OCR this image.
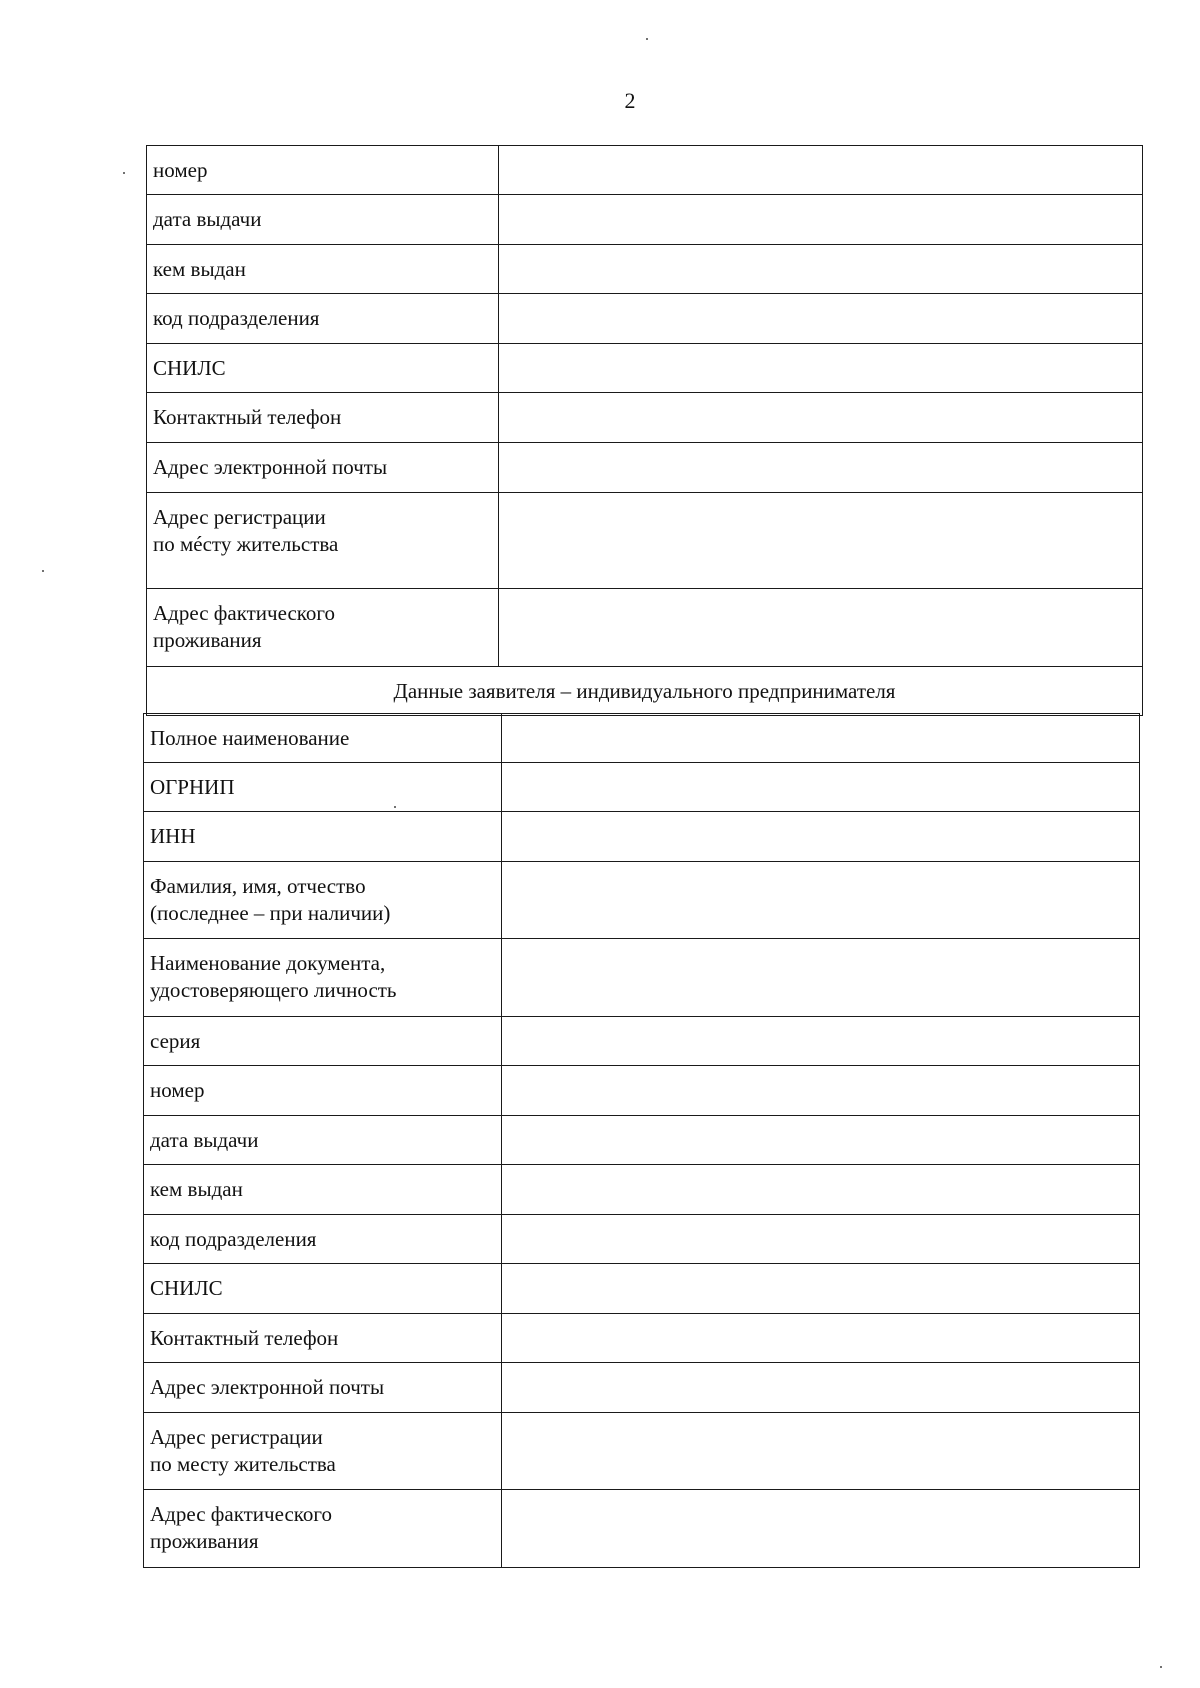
2
номер	

дата выдачи	

кем выдан	

код подразделения	

СНИЛС	

Контактный телефон	

Адрес электронной почты	

Адрес регистрации
по мéсту жительства	

Адрес фактического
проживания	

Данные заявителя – индивидуального предпринимателя	
Полное наименование	

ОГРНИП	

ИНН	

Фамилия, имя, отчество
(последнее – при наличии)	

Наименование документа,
удостоверяющего личность	

серия	

номер	

дата выдачи	

кем выдан	

код подразделения	

СНИЛС	

Контактный телефон	

Адрес электронной почты	

Адрес регистрации
по месту жительства	

Адрес фактического
проживания	
